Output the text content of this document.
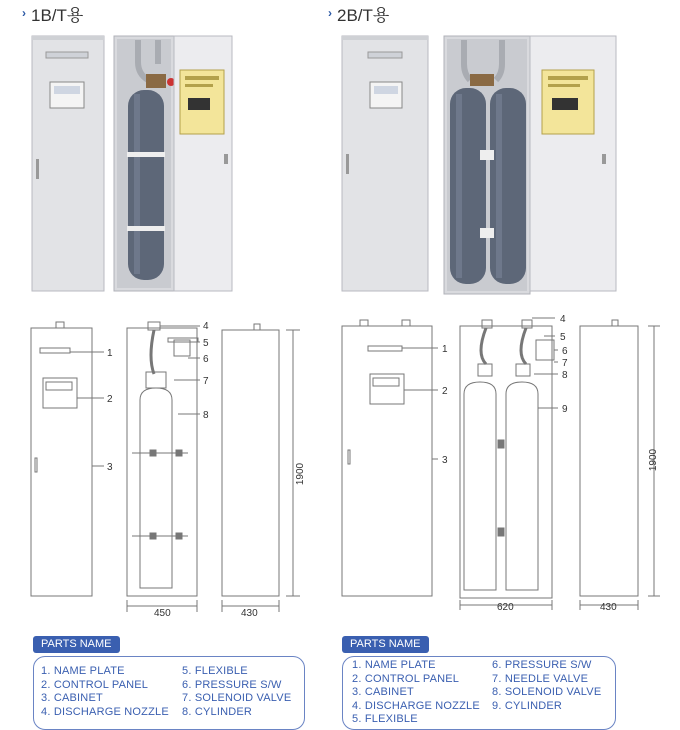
› 1B/T용	› 2B/T용
1
2
3
4
5
6
7
8
450	430
1900
1
2
3
4
5
6
7
8
9
620	430
1900
PARTS NAME
1. NAME PLATE
2. CONTROL PANEL
3. CABINET
4. DISCHARGE NOZZLE
5. FLEXIBLE
6. PRESSURE S/W
7. SOLENOID VALVE
8. CYLINDER
PARTS NAME
1. NAME PLATE
2. CONTROL PANEL
3. CABINET
4. DISCHARGE NOZZLE
5. FLEXIBLE
6. PRESSURE S/W
7. NEEDLE VALVE
8. SOLENOID VALVE
9. CYLINDER
